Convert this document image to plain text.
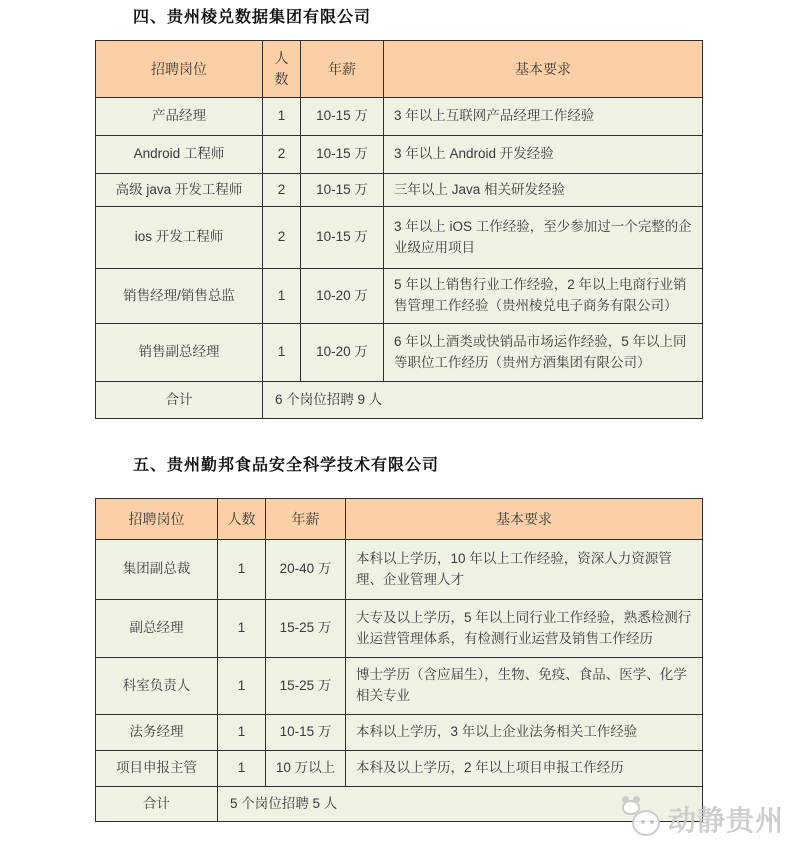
四、贵州棱兑数据集团有限公司
招聘岗位	人数	年薪	基本要求
产品经理	1	10-15 万	3 年以上互联网产品经理工作经验
Android 工程师	2	10-15 万	3 年以上 Android 开发经验
高级 java 开发工程师	2	10-15 万	三年以上 Java 相关研发经验
ios 开发工程师	2	10-15 万	3 年以上 iOS 工作经验，至少参加过一个完整的企业级应用项目
销售经理/销售总监	1	10-20 万	5 年以上销售行业工作经验，2 年以上电商行业销售管理工作经验（贵州棱兑电子商务有限公司）
销售副总经理	1	10-20 万	6 年以上酒类或快销品市场运作经验，5 年以上同等职位工作经历（贵州方酒集团有限公司）
合计	6 个岗位招聘 9 人		
五、贵州勤邦食品安全科学技术有限公司
招聘岗位	人数	年薪	基本要求
集团副总裁	1	20-40 万	本科以上学历，10 年以上工作经验，资深人力资源管理、企业管理人才
副总经理	1	15-25 万	大专及以上学历，5 年以上同行业工作经验，熟悉检测行业运营管理体系，有检测行业运营及销售工作经历
科室负责人	1	15-25 万	博士学历（含应届生），生物、免疫、食品、医学、化学相关专业
法务经理	1	10-15 万	本科以上学历，3 年以上企业法务相关工作经验
项目申报主管	1	10 万以上	本科及以上学历，2 年以上项目申报工作经历
合计	5 个岗位招聘 5 人		
动静贵州
